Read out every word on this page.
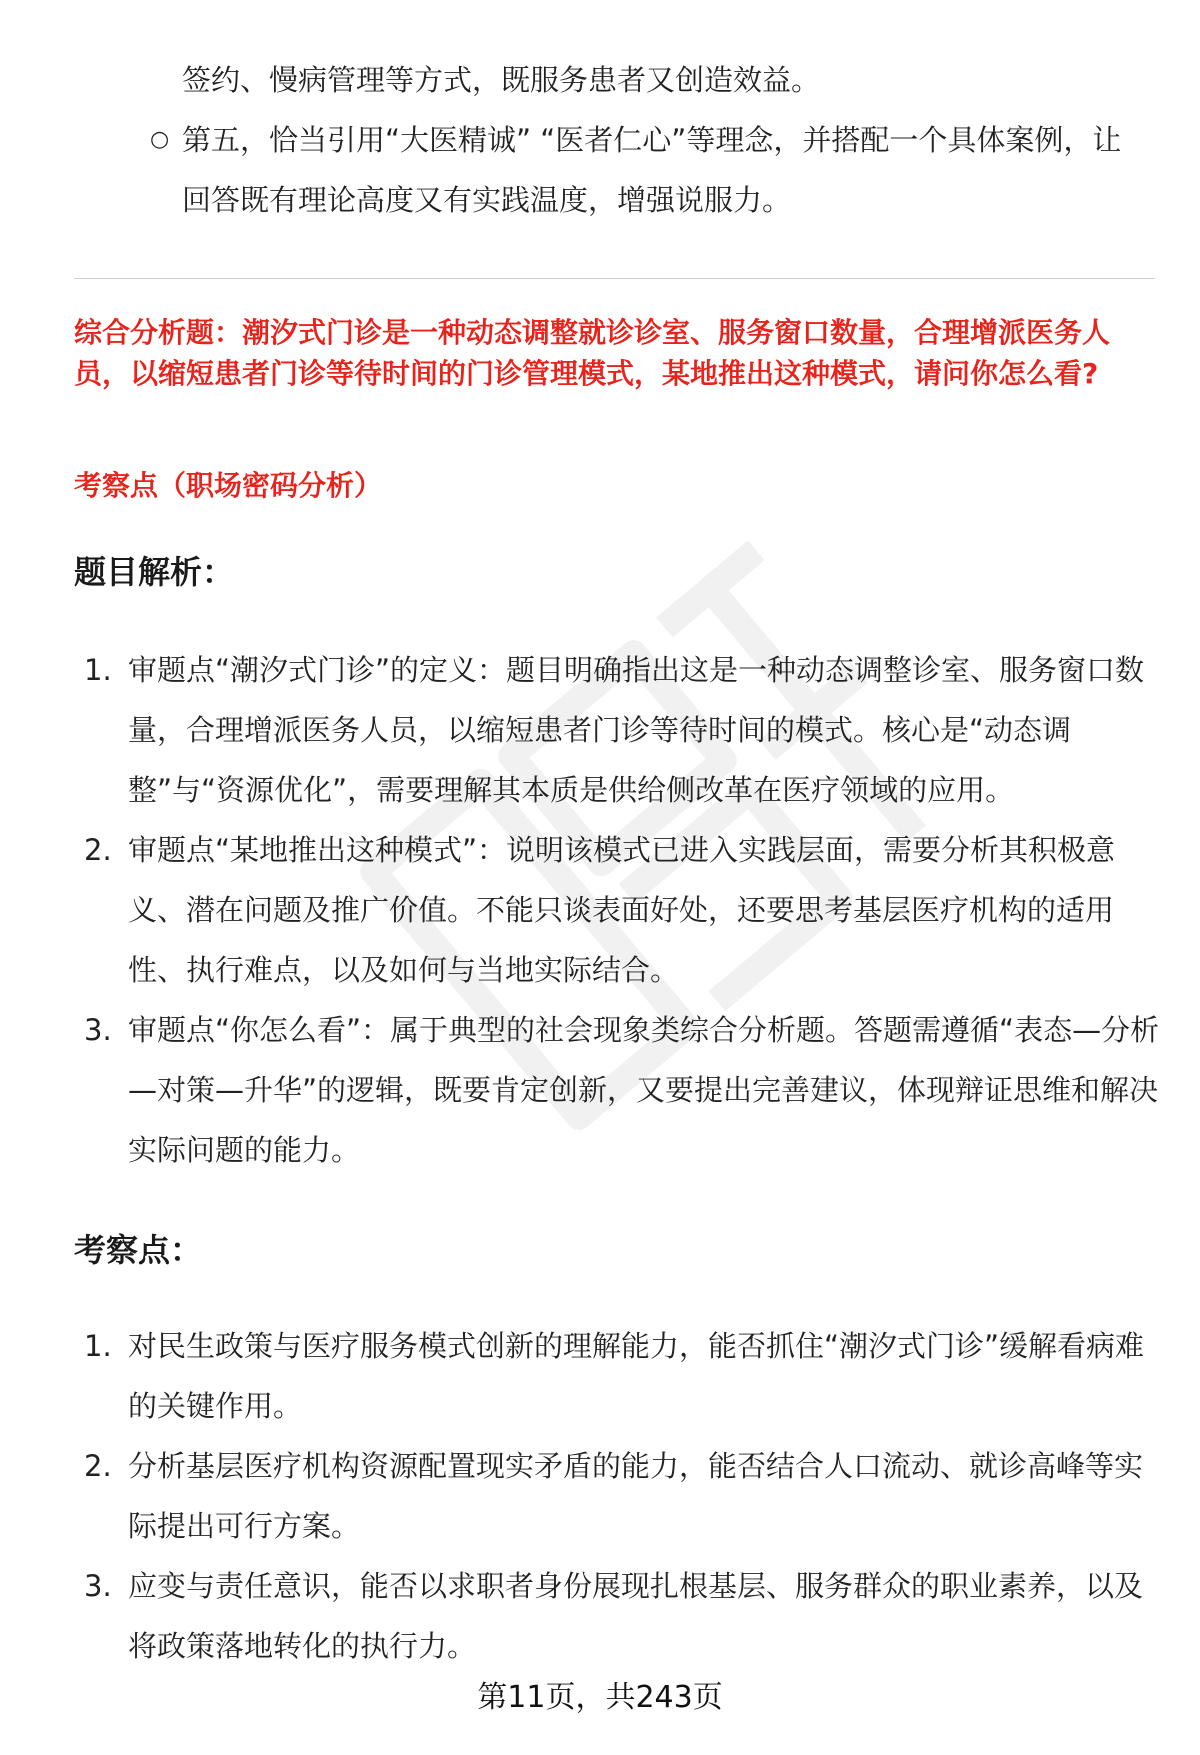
签约、慢病管理等方式，既服务患者又创造效益。
○ 第五，恰当引用“大医精诚” “医者仁心”等理念，并搭配一个具体案例，让回答既有理论高度又有实践温度，增强说服力。
综合分析题：潮汐式门诊是一种动态调整就诊诊室、服务窗口数量，合理增派医务人员，以缩短患者门诊等待时间的门诊管理模式，某地推出这种模式，请问你怎么看?
考察点（职场密码分析）
题目解析：
1. 审题点“潮汐式门诊”的定义：题目明确指出这是一种动态调整诊室、服务窗口数量，合理增派医务人员，以缩短患者门诊等待时间的模式。核心是“动态调整”与“资源优化”，需要理解其本质是供给侧改革在医疗领域的应用。
2. 审题点“某地推出这种模式”：说明该模式已进入实践层面，需要分析其积极意义、潜在问题及推广价值。不能只谈表面好处，还要思考基层医疗机构的适用性、执行难点，以及如何与当地实际结合。
3. 审题点“你怎么看”：属于典型的社会现象类综合分析题。答题需遵循“表态—分析—对策—升华”的逻辑，既要肯定创新，又要提出完善建议，体现辩证思维和解决实际问题的能力。
考察点：
1. 对民生政策与医疗服务模式创新的理解能力，能否抓住“潮汐式门诊”缓解看病难的关键作用。
2. 分析基层医疗机构资源配置现实矛盾的能力，能否结合人口流动、就诊高峰等实际提出可行方案。
3. 应变与责任意识，能否以求职者身份展现扎根基层、服务群众的职业素养，以及将政策落地转化的执行力。
第11页，共243页
